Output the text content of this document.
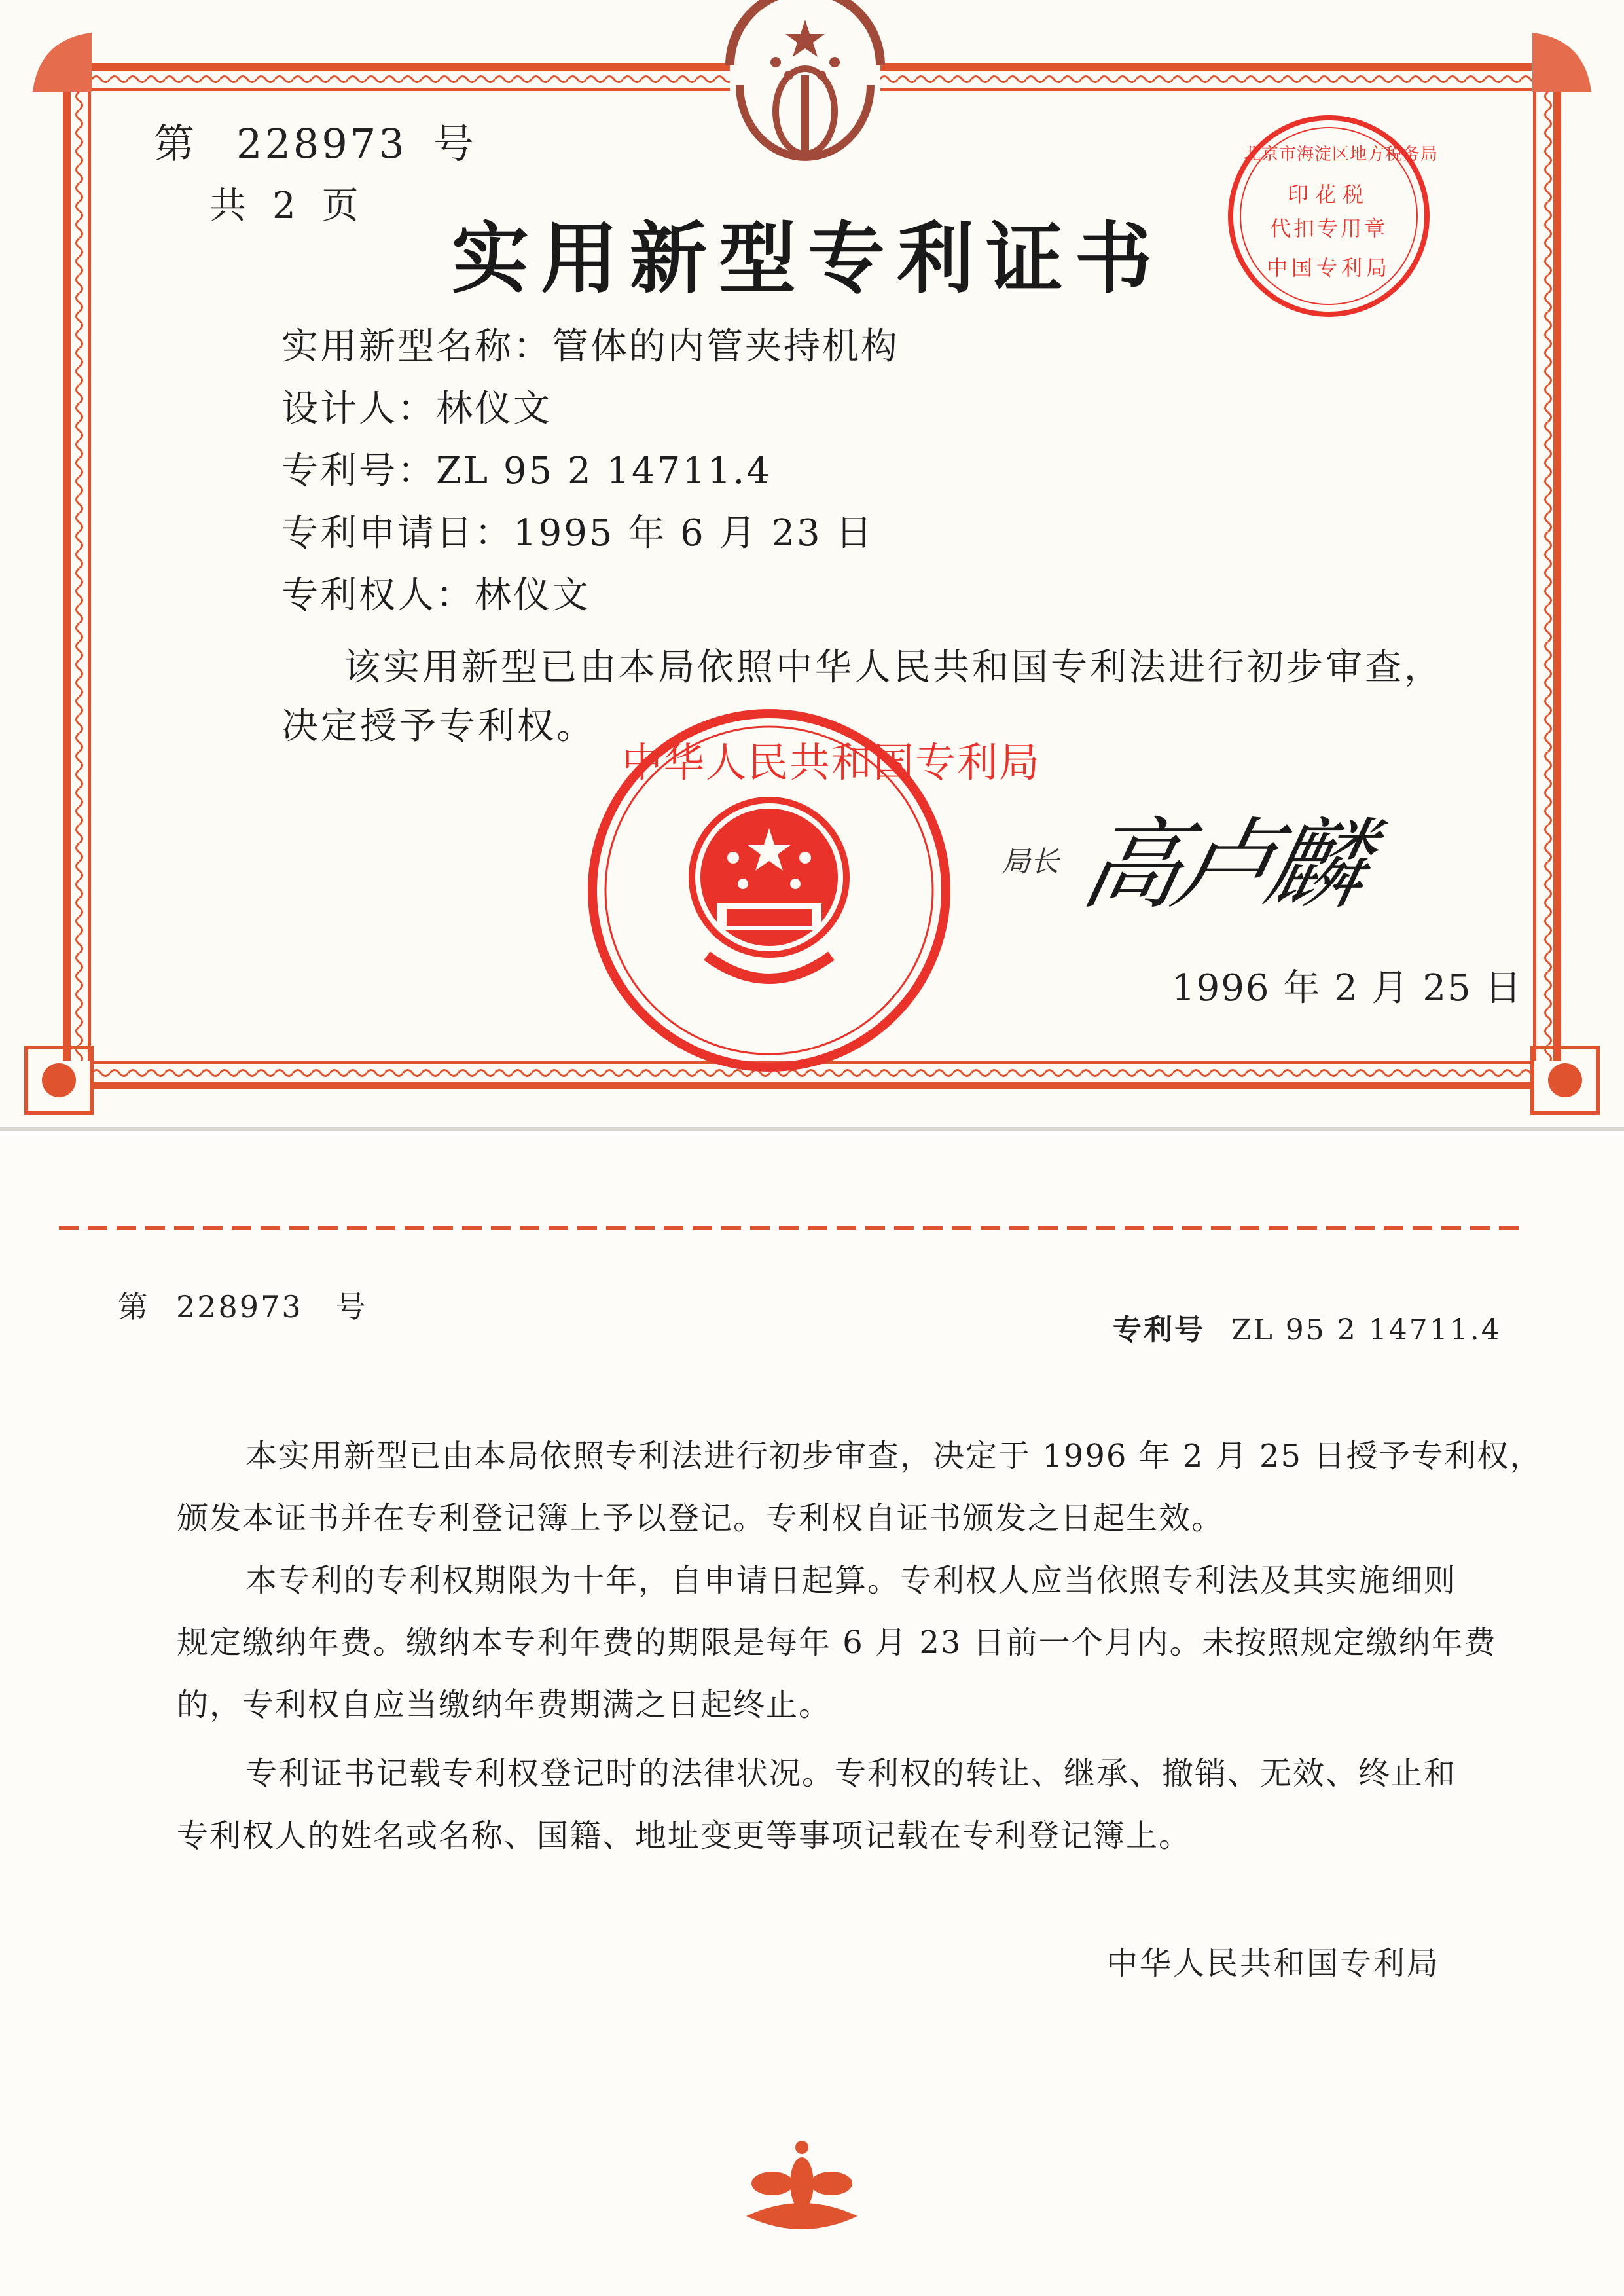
北京市海淀区地方税务局
印花税
代扣专用章
中国专利局
中华人民共和国专利局
第 228973 号
共 2 页
实用新型专利证书
实用新型名称：管体的内管夹持机构
设计人：林仪文
专利号：ZL 95 2 14711.4
专利申请日：1995 年 6 月 23 日
专利权人：林仪文
该实用新型已由本局依照中华人民共和国专利法进行初步审查，
决定授予专利权。
局长 高卢麟
1996 年 2 月 25 日
第 228973 号
专利号 ZL 95 2 14711.4
本实用新型已由本局依照专利法进行初步审查，决定于 1996 年 2 月 25 日授予专利权，
颁发本证书并在专利登记簿上予以登记。专利权自证书颁发之日起生效。
本专利的专利权期限为十年，自申请日起算。专利权人应当依照专利法及其实施细则
规定缴纳年费。缴纳本专利年费的期限是每年 6 月 23 日前一个月内。未按照规定缴纳年费
的，专利权自应当缴纳年费期满之日起终止。
专利证书记载专利权登记时的法律状况。专利权的转让、继承、撤销、无效、终止和
专利权人的姓名或名称、国籍、地址变更等事项记载在专利登记簿上。
中华人民共和国专利局
